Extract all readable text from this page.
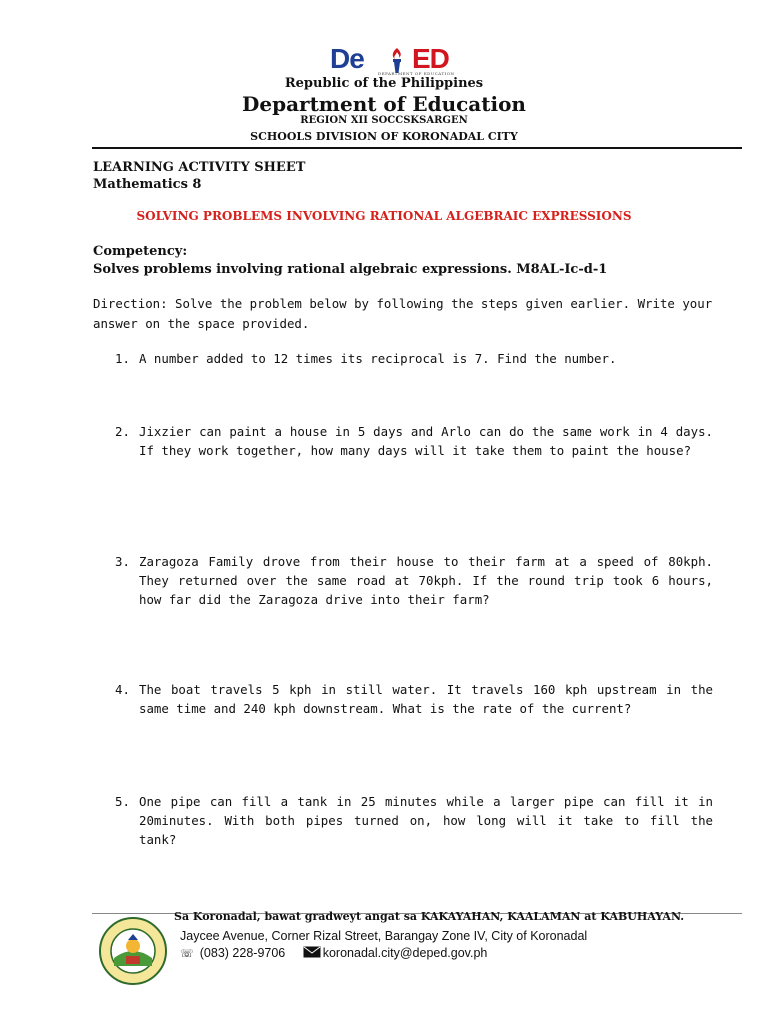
De ED
DEPARTMENT OF EDUCATION
Republic of the Philippines
Department of Education
REGION XII SOCCSKSARGEN
SCHOOLS DIVISION OF KORONADAL CITY
LEARNING ACTIVITY SHEET
Mathematics 8
SOLVING PROBLEMS INVOLVING RATIONAL ALGEBRAIC EXPRESSIONS
Competency:
Solves problems involving rational algebraic expressions. M8AL-Ic-d-1
Direction: Solve the problem below by following the steps given earlier. Write your answer on the space provided.
1. A number added to 12 times its reciprocal is 7. Find the number.
2. Jixzier can paint a house in 5 days and Arlo can do the same work in 4 days. If they work together, how many days will it take them to paint the house?
3. Zaragoza Family drove from their house to their farm at a speed of 80kph. They returned over the same road at 70kph. If the round trip took 6 hours, how far did the Zaragoza drive into their farm?
4. The boat travels 5 kph in still water. It travels 160 kph upstream in the same time and 240 kph downstream. What is the rate of the current?
5. One pipe can fill a tank in 25 minutes while a larger pipe can fill it in 20minutes. With both pipes turned on, how long will it take to fill the tank?
Sa Koronadal, bawat gradweyt angat sa KAKAYAHAN, KAALAMAN at KABUHAYAN.
Jaycee Avenue, Corner Rizal Street, Barangay Zone IV, City of Koronadal
☏ (083) 228-9706	koronadal.city@deped.gov.ph
